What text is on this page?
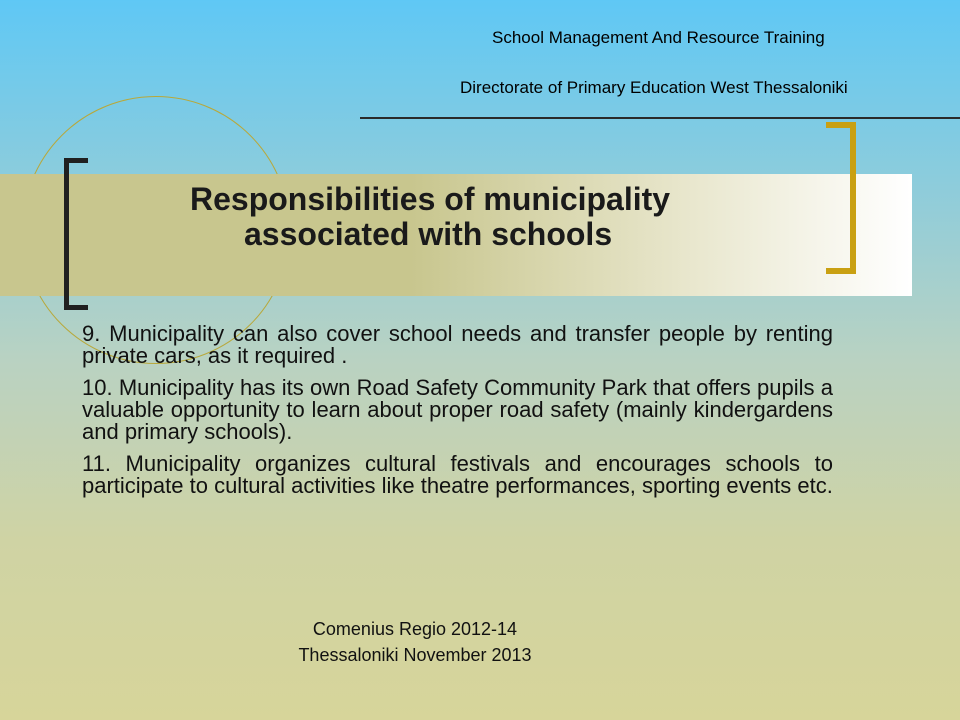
School Management And Resource Training
Directorate of Primary Education West Thessaloniki
Responsibilities of municipality
associated with schools

9. Municipality can also cover school needs and transfer people by renting private cars, as it required .

10. Municipality has its own Road Safety Community Park that offers pupils a valuable opportunity to learn about proper road safety (mainly kindergardens and primary schools).

11. Municipality organizes cultural festivals and encourages schools to participate to cultural activities like theatre performances, sporting events etc.

Comenius Regio 2012-14
Thessaloniki November 2013
